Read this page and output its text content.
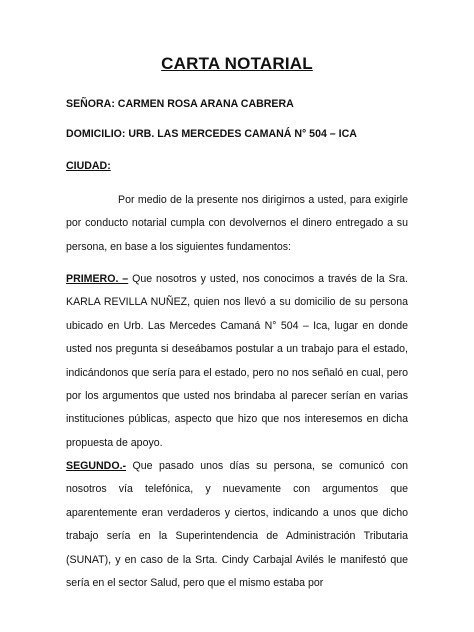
CARTA NOTARIAL
SEÑORA: CARMEN ROSA ARANA CABRERA
DOMICILIO: URB. LAS MERCEDES CAMANÁ N° 504 – ICA
CIUDAD:

Por medio de la presente nos dirigirnos a usted, para exigirle por conducto notarial cumpla con devolvernos el dinero entregado a su persona, en base a los siguientes fundamentos:

PRIMERO. – Que nosotros y usted, nos conocimos a través de la Sra. KARLA REVILLA NUÑEZ, quien nos llevó a su domicilio de su persona ubicado en Urb. Las Mercedes Camaná N° 504 – Ica, lugar en donde usted nos pregunta si deseábamos postular a un trabajo para el estado, indicándonos que sería para el estado, pero no nos señaló en cual, pero por los argumentos que usted nos brindaba al parecer serían en varias instituciones públicas, aspecto que hizo que nos interesemos en dicha propuesta de apoyo.

SEGUNDO.- Que pasado unos días su persona, se comunicó con nosotros vía telefónica, y nuevamente con argumentos que aparentemente eran verdaderos y ciertos, indicando a unos que dicho trabajo sería en la Superintendencia de Administración Tributaria (SUNAT), y en caso de la Srta. Cindy Carbajal Avilés le manifestó que sería en el sector Salud, pero que el mismo estaba por
